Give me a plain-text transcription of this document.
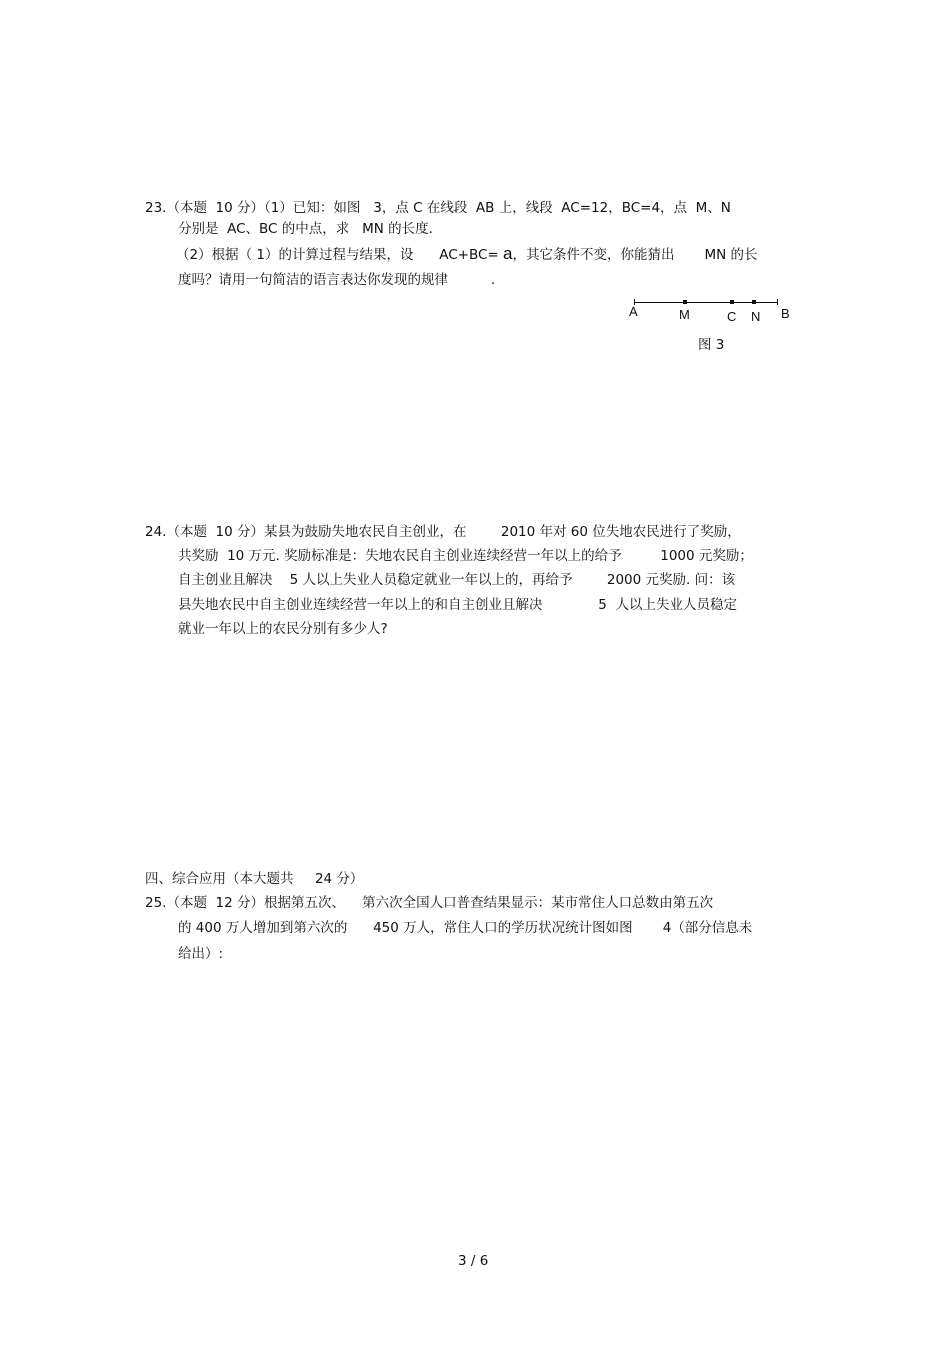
23.（本题  10 分）（1）已知：如图   3，点 C 在线段  AB 上，线段  AC=12，BC=4，点  M、N
分别是  AC、BC 的中点，求   MN 的长度.
（2）根据（ 1）的计算过程与结果，设      AC+BC= a，其它条件不变，你能猜出       MN 的长
度吗？请用一句简洁的语言表达你发现的规律          .
A	M	C N B
图 3
24.（本题  10 分）某县为鼓励失地农民自主创业，在        2010 年对 60 位失地农民进行了奖励，
共奖励  10 万元. 奖励标准是：失地农民自主创业连续经营一年以上的给予         1000 元奖励；
自主创业且解决    5 人以上失业人员稳定就业一年以上的，再给予        2000 元奖励. 问：该
县失地农民中自主创业连续经营一年以上的和自主创业且解决             5  人以上失业人员稳定
就业一年以上的农民分别有多少人?
四、综合应用（本大题共     24 分）
25.（本题  12 分）根据第五次、    第六次全国人口普查结果显示：某市常住人口总数由第五次
的 400 万人增加到第六次的      450 万人，常住人口的学历状况统计图如图       4（部分信息未
给出）:
3 / 6
